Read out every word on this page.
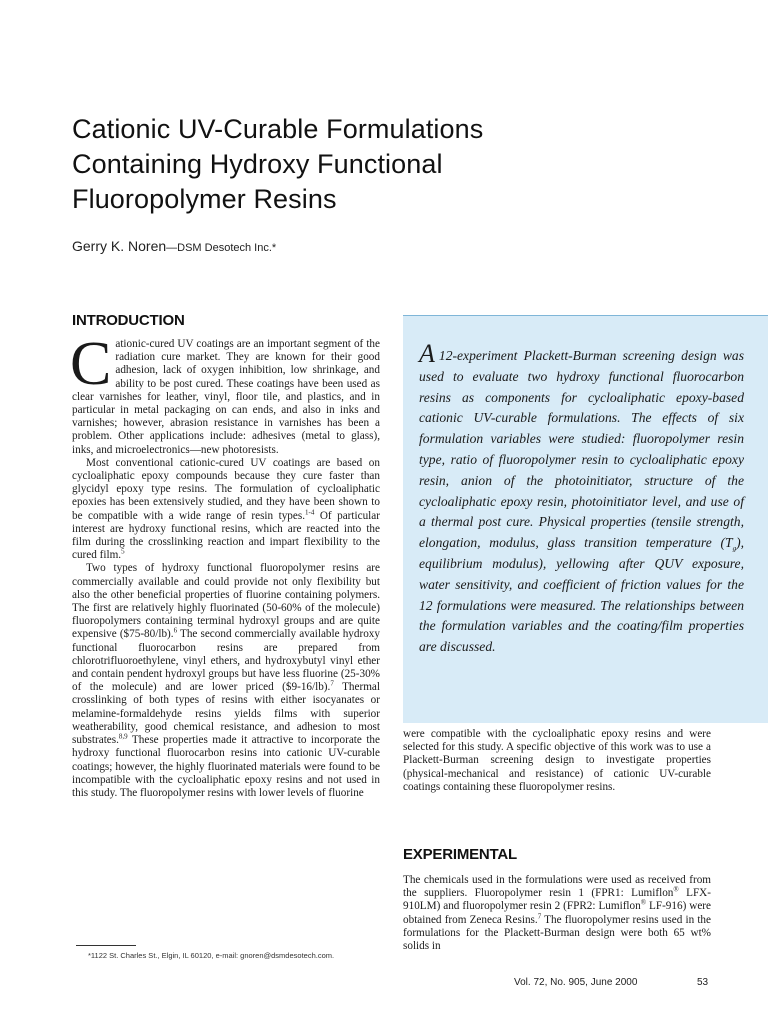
Cationic UV-Curable Formulations
Containing Hydroxy Functional
Fluoropolymer Resins
Gerry K. Noren—DSM Desotech Inc.*
INTRODUCTION

Cationic-cured UV coatings are an important segment of the radiation cure market. They are known for their good adhesion, lack of oxygen inhibition, low shrinkage, and ability to be post cured. These coatings have been used as clear varnishes for leather, vinyl, floor tile, and plastics, and in particular in metal packaging on can ends, and also in inks and varnishes; however, abrasion resistance in varnishes has been a problem. Other applications include: adhesives (metal to glass), inks, and microelectronics—new photoresists.

Most conventional cationic-cured UV coatings are based on cycloaliphatic epoxy compounds because they cure faster than glycidyl epoxy type resins. The formulation of cycloaliphatic epoxies has been extensively studied, and they have been shown to be compatible with a wide range of resin types.$^{1-4}$ Of particular interest are hydroxy functional resins, which are reacted into the film during the crosslinking reaction and impart flexibility to the cured film.$^5$

Two types of hydroxy functional fluoropolymer resins are commercially available and could provide not only flexibility but also the other beneficial properties of fluorine containing polymers. The first are relatively highly fluorinated (50-60% of the molecule) fluoropolymers containing terminal hydroxyl groups and are quite expensive ($75-80/lb).$^6$ The second commercially available hydroxy functional fluorocarbon resins are prepared from chlorotrifluoroethylene, vinyl ethers, and hydroxybutyl vinyl ether and contain pendent hydroxyl groups but have less fluorine (25-30% of the molecule) and are lower priced ($9-16/lb).$^7$ Thermal crosslinking of both types of resins with either isocyanates or melamine-formaldehyde resins yields films with superior weatherability, good chemical resistance, and adhesion to most substrates.$^{8,9}$ These properties made it attractive to incorporate the hydroxy functional fluorocarbon resins into cationic UV-curable coatings; however, the highly fluorinated materials were found to be incompatible with the cycloaliphatic epoxy resins and not used in this study. The fluoropolymer resins with lower levels of fluorine

A 12-experiment Plackett-Burman screening design was used to evaluate two hydroxy functional fluorocarbon resins as components for cycloaliphatic epoxy-based cationic UV-curable formulations. The effects of six formulation variables were studied: fluoropolymer resin type, ratio of fluoropolymer resin to cycloaliphatic epoxy resin, anion of the photoinitiator, structure of the cycloaliphatic epoxy resin, photoinitiator level, and use of a thermal post cure. Physical properties (tensile strength, elongation, modulus, glass transition temperature $(T_g)$, equilibrium modulus), yellowing after QUV exposure, water sensitivity, and coefficient of friction values for the 12 formulations were measured. The relationships between the formulation variables and the coating/film properties are discussed.

were compatible with the cycloaliphatic epoxy resins and were selected for this study. A specific objective of this work was to use a Plackett-Burman screening design to investigate properties (physical-mechanical and resistance) of cationic UV-curable coatings containing these fluoropolymer resins.

EXPERIMENTAL

The chemicals used in the formulations were used as received from the suppliers. Fluoropolymer resin 1 (FPR1: Lumiflon® LFX-910LM) and fluoropolymer resin 2 (FPR2: Lumiflon® LF-916) were obtained from Zeneca Resins.$^7$ The fluoropolymer resins used in the formulations for the Plackett-Burman design were both 65 wt% solids in

*1122 St. Charles St., Elgin, IL 60120, e-mail: gnoren@dsmdesotech.com.
Vol. 72, No. 905, June 2000	53
